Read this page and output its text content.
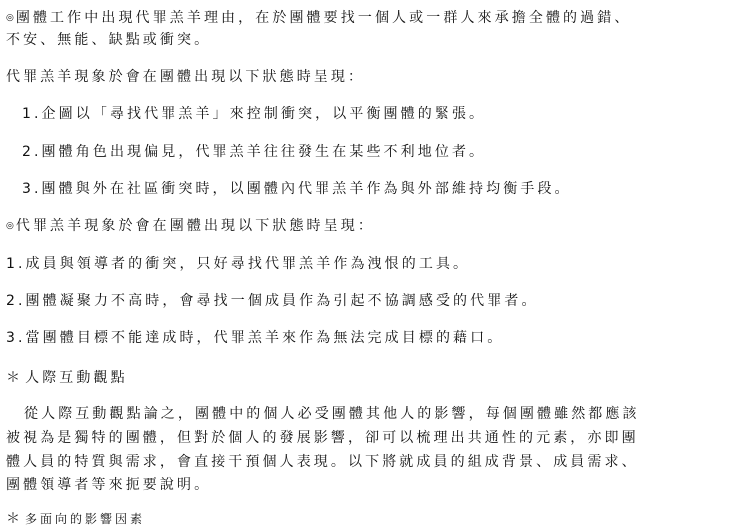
◎ 團體工作中出現代罪羔羊理由，在於團體要找一個人或一群人來承擔全體的過錯、
不安、無能、缺點或衝突。
代罪羔羊現象於會在團體出現以下狀態時呈現：
1.企圖以「尋找代罪羔羊」來控制衝突，以平衡團體的緊張。
2.團體角色出現偏見，代罪羔羊往往發生在某些不利地位者。
3.團體與外在社區衝突時，以團體內代罪羔羊作為與外部維持均衡手段。
◎ 代罪羔羊現象於會在團體出現以下狀態時呈現：
1.成員與領導者的衝突，只好尋找代罪羔羊作為洩恨的工具。
2.團體凝聚力不高時，會尋找一個成員作為引起不協調感受的代罪者。
3.當團體目標不能達成時，代罪羔羊來作為無法完成目標的藉口。
＊ 人際互動觀點
從人際互動觀點論之，團體中的個人必受團體其他人的影響，每個團體雖然都應該
被視為是獨特的團體，但對於個人的發展影響，卻可以梳理出共通性的元素，亦即團
體人員的特質與需求，會直接干預個人表現。以下將就成員的組成背景、成員需求、
團體領導者等來扼要說明。
＊ 多面向的影響因素
